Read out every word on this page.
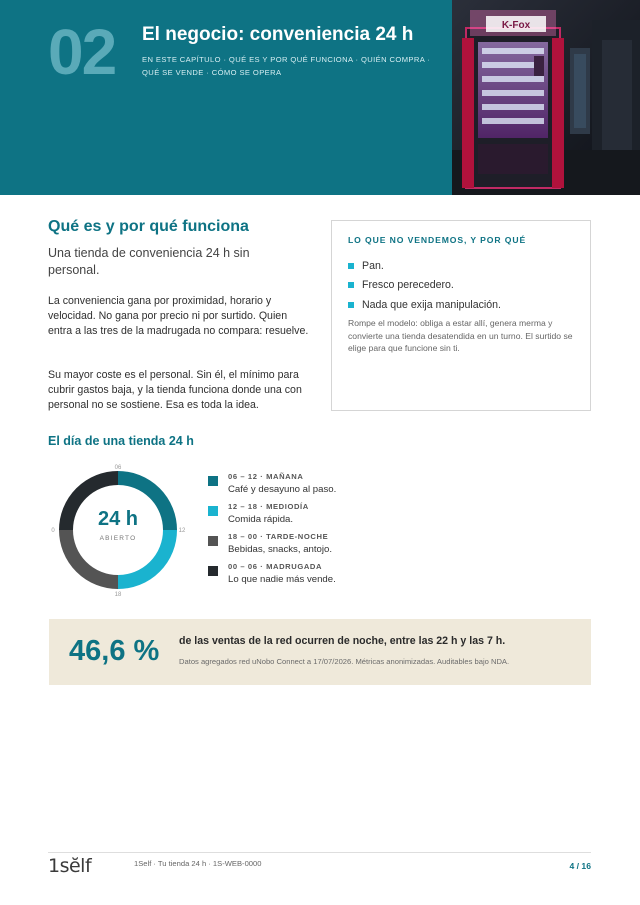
02 El negocio: conveniencia 24 h
EN ESTE CAPÍTULO · QUÉ ES Y POR QUÉ FUNCIONA · QUIÉN COMPRA · QUÉ SE VENDE · CÓMO SE OPERA
K-Fox
Qué es y por qué funciona
Una tienda de conveniencia 24 h sin personal.
La conveniencia gana por proximidad, horario y velocidad. No gana por precio ni por surtido. Quien entra a las tres de la madrugada no compara: resuelve.
Su mayor coste es el personal. Sin él, el mínimo para cubrir gastos baja, y la tienda funciona donde una con personal no se sostiene. Esa es toda la idea.
LO QUE NO VENDEMOS, Y POR QUÉ
Pan.
Fresco perecedero.
Nada que exija manipulación.
Rompe el modelo: obliga a estar allí, genera merma y convierte una tienda desatendida en un turno. El surtido se elige para que funcione sin ti.
El día de una tienda 24 h
06
12
18
0
24 h
ABIERTO
06 – 12 · MAÑANA
Café y desayuno al paso.
12 – 18 · MEDIODÍA
Comida rápida.
18 – 00 · TARDE-NOCHE
Bebidas, snacks, antojo.
00 – 06 · MADRUGADA
Lo que nadie más vende.
46,6 % de las ventas de la red ocurren de noche, entre las 22 h y las 7 h.
Datos agregados red uNobo Connect a 17/07/2026. Métricas anonimizadas. Auditables bajo NDA.
1sĕlf	1Self · Tu tienda 24 h · 1S-WEB-0000	4 / 16
